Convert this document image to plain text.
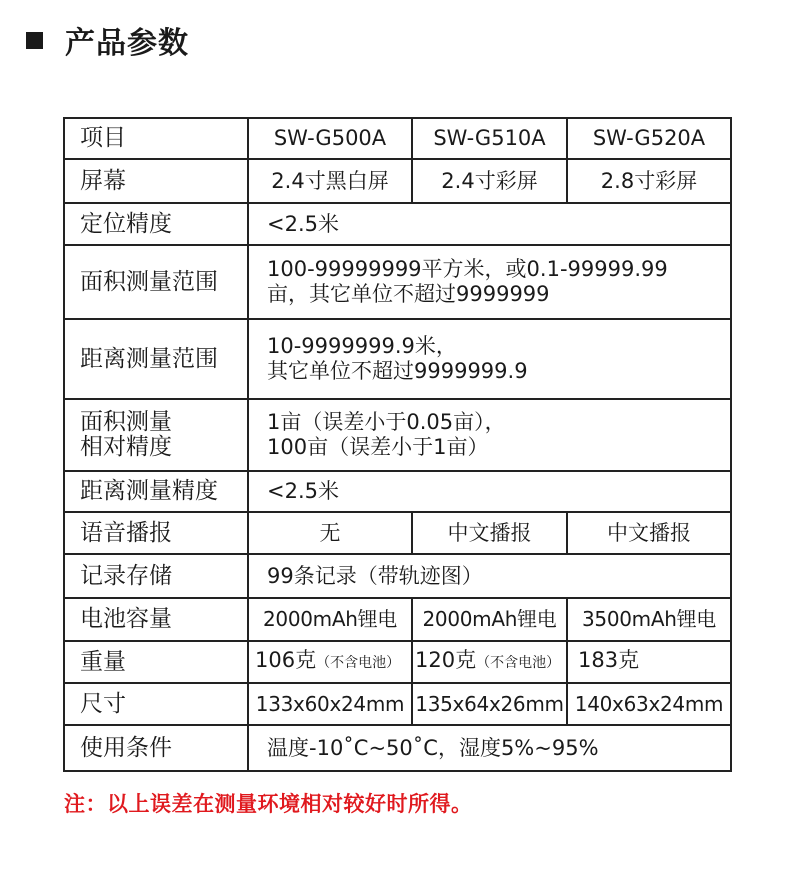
产品参数
项目	SW-G500A	SW-G510A	SW-G520A
屏幕	2.4寸黑白屏	2.4寸彩屏	2.8寸彩屏
定位精度	<2.5米		
面积测量范围	100-99999999平方米，或0.1-99999.99
亩，其它单位不超过9999999		

距离测量范围	10-9999999.9米，
其它单位不超过9999999.9		

面积测量
相对精度	1亩（误差小于0.05亩），
100亩（误差小于1亩）		

距离测量精度	<2.5米		
语音播报	无	中文播报	中文播报
记录存储	99条记录（带轨迹图）		
电池容量	2000mAh锂电	2000mAh锂电	3500mAh锂电
重量	106克（不含电池）	120克（不含电池）	183克
尺寸	133x60x24mm	135x64x26mm	140x63x24mm
使用条件	温度-10˚C~50˚C，湿度5%~95%		
注：以上误差在测量环境相对较好时所得。
